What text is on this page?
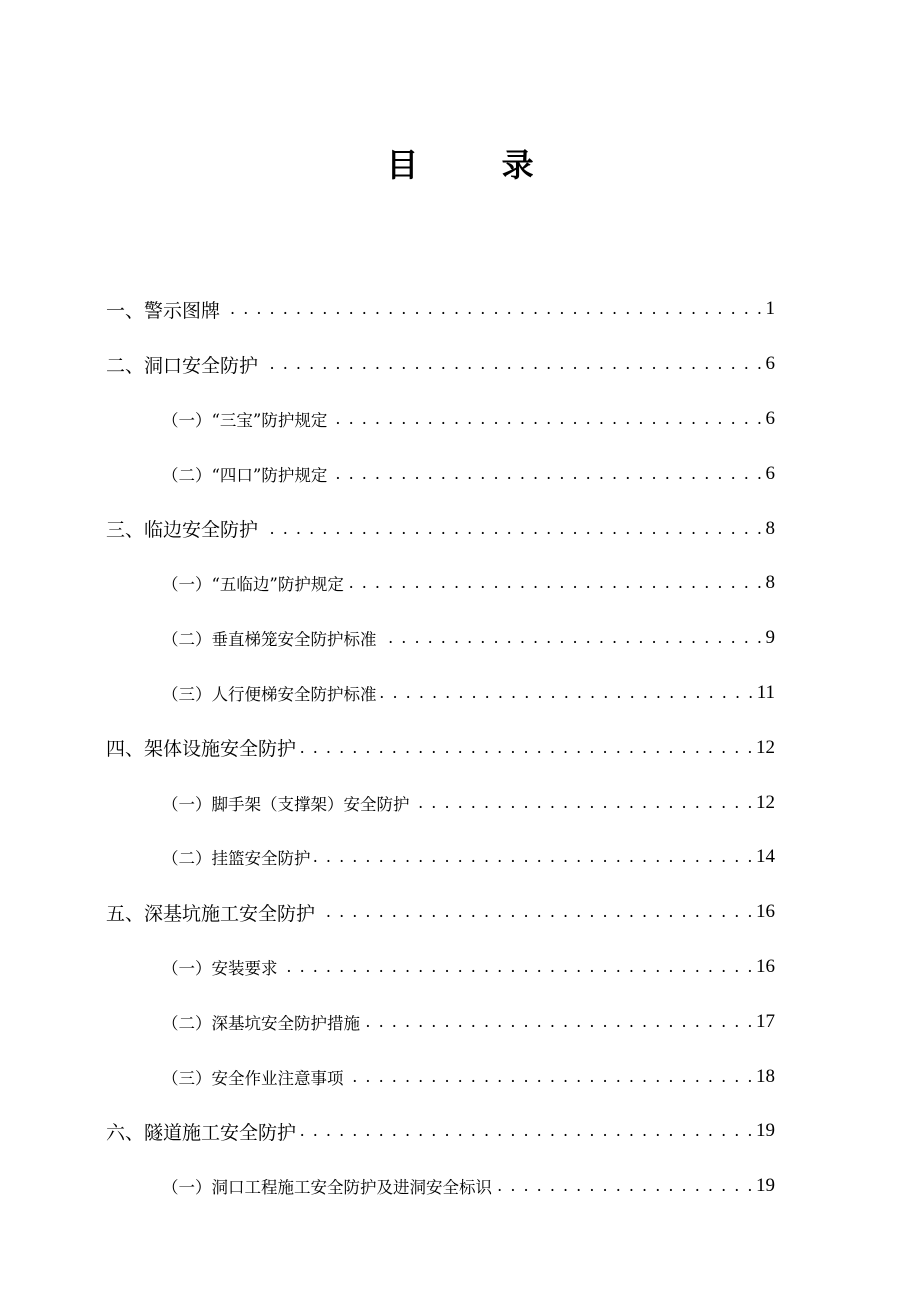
目 录
一、警示图牌 . . .	1
二、洞口安全防护 . . .	6
（一）“三宝”防护规定 . . .	6
（二）“四口”防护规定 . . .	6
三、临边安全防护 . . .	8
（一）“五临边”防护规定 . . .	8
（二）垂直梯笼安全防护标准 . . .	9
（三）人行便梯安全防护标准 . . .	11
四、架体设施安全防护 . . .	12
（一）脚手架（支撑架）安全防护 . . .	12
（二）挂篮安全防护 . . .	14
五、深基坑施工安全防护 . . .	16
（一）安装要求 . . .	16
（二）深基坑安全防护措施 . . .	17
（三）安全作业注意事项 . . .	18
六、隧道施工安全防护 . . .	19
（一）洞口工程施工安全防护及进洞安全标识 . . .	19
